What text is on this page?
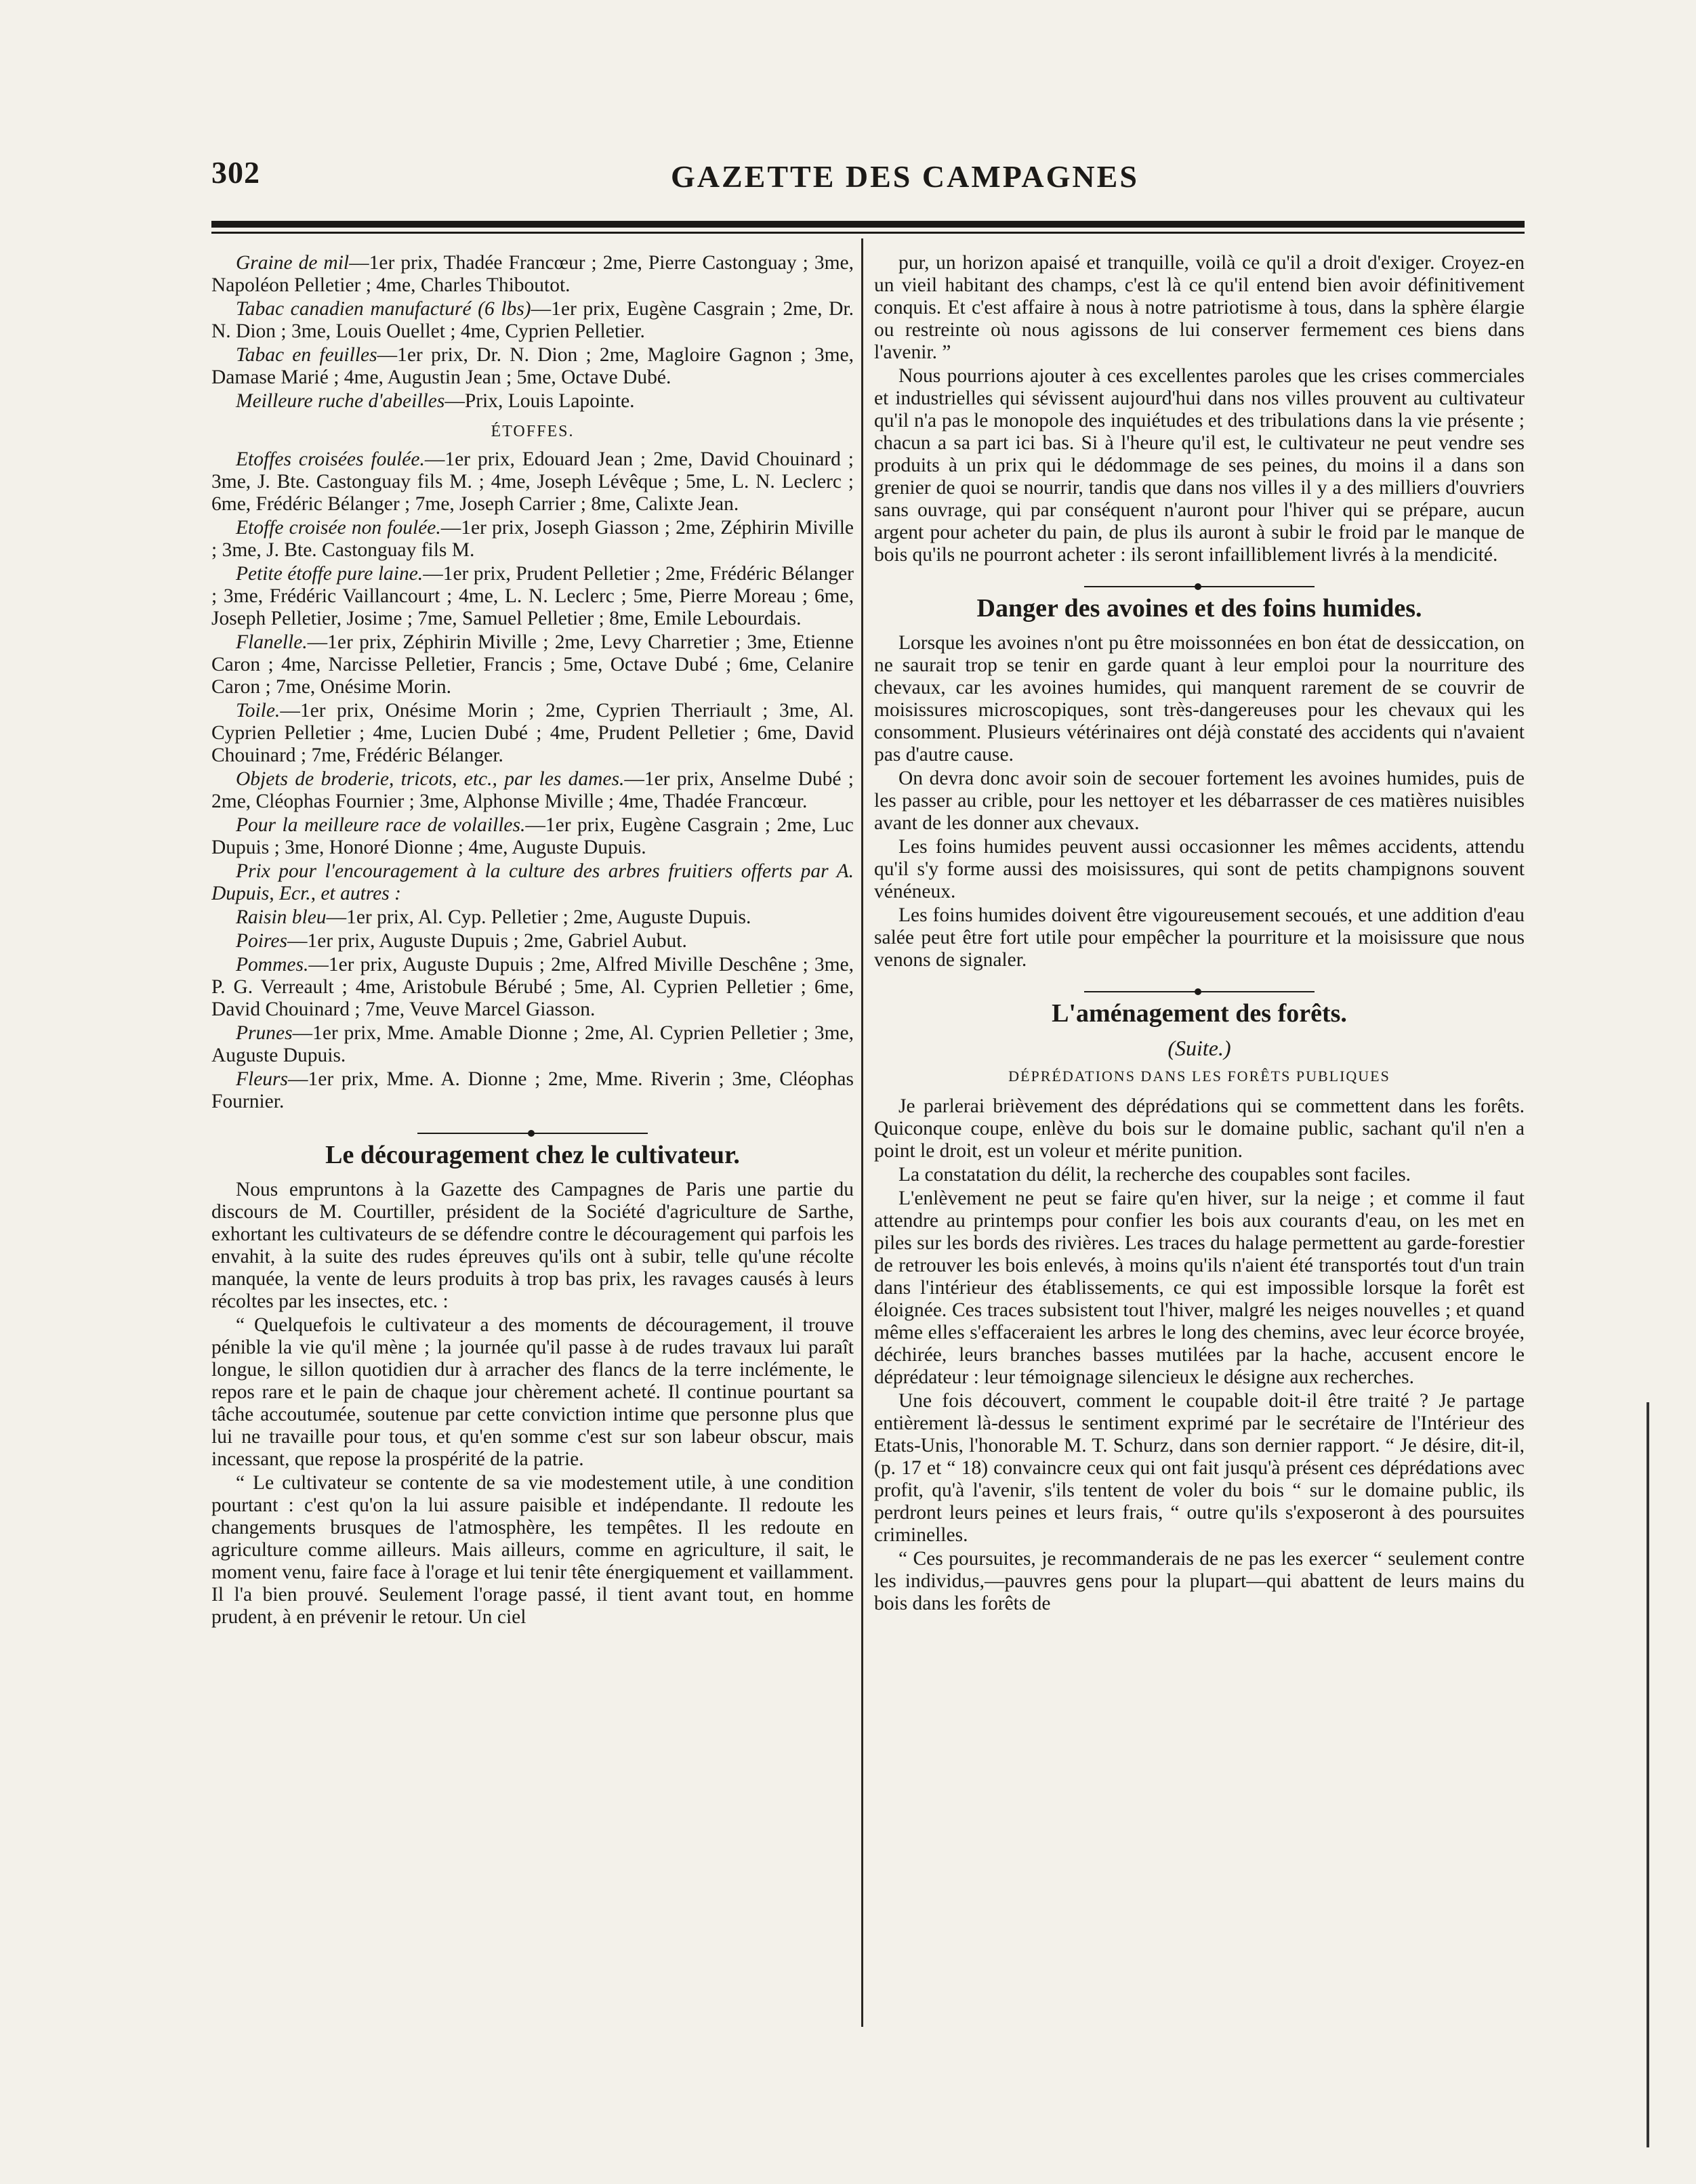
302	GAZETTE DES CAMPAGNES

Graine de mil—1er prix, Thadée Francœur ; 2me, Pierre Castonguay ; 3me, Napoléon Pelletier ; 4me, Charles Thiboutot.

Tabac canadien manufacturé (6 lbs)—1er prix, Eugène Casgrain ; 2me, Dr. N. Dion ; 3me, Louis Ouellet ; 4me, Cyprien Pelletier.

Tabac en feuilles—1er prix, Dr. N. Dion ; 2me, Magloire Gagnon ; 3me, Damase Marié ; 4me, Augustin Jean ; 5me, Octave Dubé.

Meilleure ruche d'abeilles—Prix, Louis Lapointe.

ÉTOFFES.

Etoffes croisées foulée.—1er prix, Edouard Jean ; 2me, David Chouinard ; 3me, J. Bte. Castonguay fils M. ; 4me, Joseph Lévêque ; 5me, L. N. Leclerc ; 6me, Frédéric Bélanger ; 7me, Joseph Carrier ; 8me, Calixte Jean.

Etoffe croisée non foulée.—1er prix, Joseph Giasson ; 2me, Zéphirin Miville ; 3me, J. Bte. Castonguay fils M.

Petite étoffe pure laine.—1er prix, Prudent Pelletier ; 2me, Frédéric Bélanger ; 3me, Frédéric Vaillancourt ; 4me, L. N. Leclerc ; 5me, Pierre Moreau ; 6me, Joseph Pelletier, Josime ; 7me, Samuel Pelletier ; 8me, Emile Lebourdais.

Flanelle.—1er prix, Zéphirin Miville ; 2me, Levy Charretier ; 3me, Etienne Caron ; 4me, Narcisse Pelletier, Francis ; 5me, Octave Dubé ; 6me, Celanire Caron ; 7me, Onésime Morin.

Toile.—1er prix, Onésime Morin ; 2me, Cyprien Therriault ; 3me, Al. Cyprien Pelletier ; 4me, Lucien Dubé ; 4me, Prudent Pelletier ; 6me, David Chouinard ; 7me, Frédéric Bélanger.

Objets de broderie, tricots, etc., par les dames.—1er prix, Anselme Dubé ; 2me, Cléophas Fournier ; 3me, Alphonse Miville ; 4me, Thadée Francœur.

Pour la meilleure race de volailles.—1er prix, Eugène Casgrain ; 2me, Luc Dupuis ; 3me, Honoré Dionne ; 4me, Auguste Dupuis.

Prix pour l'encouragement à la culture des arbres fruitiers offerts par A. Dupuis, Ecr., et autres :

Raisin bleu—1er prix, Al. Cyp. Pelletier ; 2me, Auguste Dupuis.

Poires—1er prix, Auguste Dupuis ; 2me, Gabriel Aubut.

Pommes.—1er prix, Auguste Dupuis ; 2me, Alfred Miville Deschêne ; 3me, P. G. Verreault ; 4me, Aristobule Bérubé ; 5me, Al. Cyprien Pelletier ; 6me, David Chouinard ; 7me, Veuve Marcel Giasson.

Prunes—1er prix, Mme. Amable Dionne ; 2me, Al. Cyprien Pelletier ; 3me, Auguste Dupuis.

Fleurs—1er prix, Mme. A. Dionne ; 2me, Mme. Riverin ; 3me, Cléophas Fournier.

Le découragement chez le cultivateur.

Nous empruntons à la Gazette des Campagnes de Paris une partie du discours de M. Courtiller, président de la Société d'agriculture de Sarthe, exhortant les cultivateurs de se défendre contre le découragement qui parfois les envahit, à la suite des rudes épreuves qu'ils ont à subir, telle qu'une récolte manquée, la vente de leurs produits à trop bas prix, les ravages causés à leurs récoltes par les insectes, etc. :

“ Quelquefois le cultivateur a des moments de découragement, il trouve pénible la vie qu'il mène ; la journée qu'il passe à de rudes travaux lui paraît longue, le sillon quotidien dur à arracher des flancs de la terre inclémente, le repos rare et le pain de chaque jour chèrement acheté. Il continue pourtant sa tâche accoutumée, soutenue par cette conviction intime que personne plus que lui ne travaille pour tous, et qu'en somme c'est sur son labeur obscur, mais incessant, que repose la prospérité de la patrie.

“ Le cultivateur se contente de sa vie modestement utile, à une condition pourtant : c'est qu'on la lui assure paisible et indépendante. Il redoute les changements brusques de l'atmosphère, les tempêtes. Il les redoute en agriculture comme ailleurs. Mais ailleurs, comme en agriculture, il sait, le moment venu, faire face à l'orage et lui tenir tête énergiquement et vaillamment. Il l'a bien prouvé. Seulement l'orage passé, il tient avant tout, en homme prudent, à en prévenir le retour. Un ciel

pur, un horizon apaisé et tranquille, voilà ce qu'il a droit d'exiger. Croyez-en un vieil habitant des champs, c'est là ce qu'il entend bien avoir définitivement conquis. Et c'est affaire à nous à notre patriotisme à tous, dans la sphère élargie ou restreinte où nous agissons de lui conserver fermement ces biens dans l'avenir. ”

Nous pourrions ajouter à ces excellentes paroles que les crises commerciales et industrielles qui sévissent aujourd'hui dans nos villes prouvent au cultivateur qu'il n'a pas le monopole des inquiétudes et des tribulations dans la vie présente ; chacun a sa part ici bas. Si à l'heure qu'il est, le cultivateur ne peut vendre ses produits à un prix qui le dédommage de ses peines, du moins il a dans son grenier de quoi se nourrir, tandis que dans nos villes il y a des milliers d'ouvriers sans ouvrage, qui par conséquent n'auront pour l'hiver qui se prépare, aucun argent pour acheter du pain, de plus ils auront à subir le froid par le manque de bois qu'ils ne pourront acheter : ils seront infailliblement livrés à la mendicité.

Danger des avoines et des foins humides.

Lorsque les avoines n'ont pu être moissonnées en bon état de dessiccation, on ne saurait trop se tenir en garde quant à leur emploi pour la nourriture des chevaux, car les avoines humides, qui manquent rarement de se couvrir de moisissures microscopiques, sont très-dangereuses pour les chevaux qui les consomment. Plusieurs vétérinaires ont déjà constaté des accidents qui n'avaient pas d'autre cause.

On devra donc avoir soin de secouer fortement les avoines humides, puis de les passer au crible, pour les nettoyer et les débarrasser de ces matières nuisibles avant de les donner aux chevaux.

Les foins humides peuvent aussi occasionner les mêmes accidents, attendu qu'il s'y forme aussi des moisissures, qui sont de petits champignons souvent vénéneux.

Les foins humides doivent être vigoureusement secoués, et une addition d'eau salée peut être fort utile pour empêcher la pourriture et la moisissure que nous venons de signaler.

L'aménagement des forêts.
(Suite.)
DÉPRÉDATIONS DANS LES FORÊTS PUBLIQUES

Je parlerai brièvement des déprédations qui se commettent dans les forêts. Quiconque coupe, enlève du bois sur le domaine public, sachant qu'il n'en a point le droit, est un voleur et mérite punition.

La constatation du délit, la recherche des coupables sont faciles.

L'enlèvement ne peut se faire qu'en hiver, sur la neige ; et comme il faut attendre au printemps pour confier les bois aux courants d'eau, on les met en piles sur les bords des rivières. Les traces du halage permettent au garde-forestier de retrouver les bois enlevés, à moins qu'ils n'aient été transportés tout d'un train dans l'intérieur des établissements, ce qui est impossible lorsque la forêt est éloignée. Ces traces subsistent tout l'hiver, malgré les neiges nouvelles ; et quand même elles s'effaceraient les arbres le long des chemins, avec leur écorce broyée, déchirée, leurs branches basses mutilées par la hache, accusent encore le déprédateur : leur témoignage silencieux le désigne aux recherches.

Une fois découvert, comment le coupable doit-il être traité ? Je partage entièrement là-dessus le sentiment exprimé par le secrétaire de l'Intérieur des Etats-Unis, l'honorable M. T. Schurz, dans son dernier rapport. “ Je désire, dit-il, (p. 17 et “ 18) convaincre ceux qui ont fait jusqu'à présent ces déprédations avec profit, qu'à l'avenir, s'ils tentent de voler du bois “ sur le domaine public, ils perdront leurs peines et leurs frais, “ outre qu'ils s'exposeront à des poursuites criminelles.

“ Ces poursuites, je recommanderais de ne pas les exercer “ seulement contre les individus,—pauvres gens pour la plupart—qui abattent de leurs mains du bois dans les forêts de
